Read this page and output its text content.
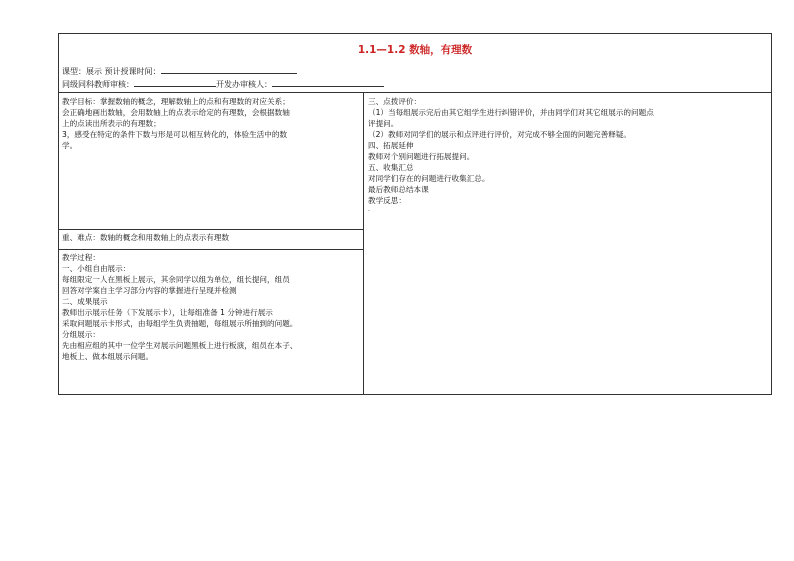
1.1—1.2 数轴，有理数
课型：展示 预计授课时间：
同级同科教师审核：	开发办审核人：

教学目标：掌握数轴的概念，理解数轴上的点和有理数的对应关系；

会正确地画出数轴，会用数轴上的点表示给定的有理数，会根据数轴

上的点读出所表示的有理数；

3，感受在特定的条件下数与形是可以相互转化的，体验生活中的数

学。

重、难点：数轴的概念和用数轴上的点表示有理数

教学过程：

一、小组自由展示：

每组限定一人在黑板上展示，其余同学以组为单位，组长提问，组员

回答对学案自主学习部分内容的掌握进行呈现并检测

二、成果展示

教师出示展示任务（下发展示卡），让每组准备 1 分钟进行展示

采取问题展示卡形式，由每组学生负责抽题，每组展示所抽到的问题。

分组展示：

先由相应组的其中一位学生对展示问题黑板上进行板演，组员在本子、

地板上、做本组展示问题。

三、点拨评价：

（1）当每组展示完后由其它组学生进行纠错评价，并由同学们对其它组展示的问题点

评提问。

（2）教师对同学们的展示和点评进行评价，对完成不够全面的问题完善释疑。

四、拓展延伸

教师对个别问题进行拓展提问。

五、收集汇总

对同学们存在的问题进行收集汇总。

最后教师总结本课

教学反思：

.
